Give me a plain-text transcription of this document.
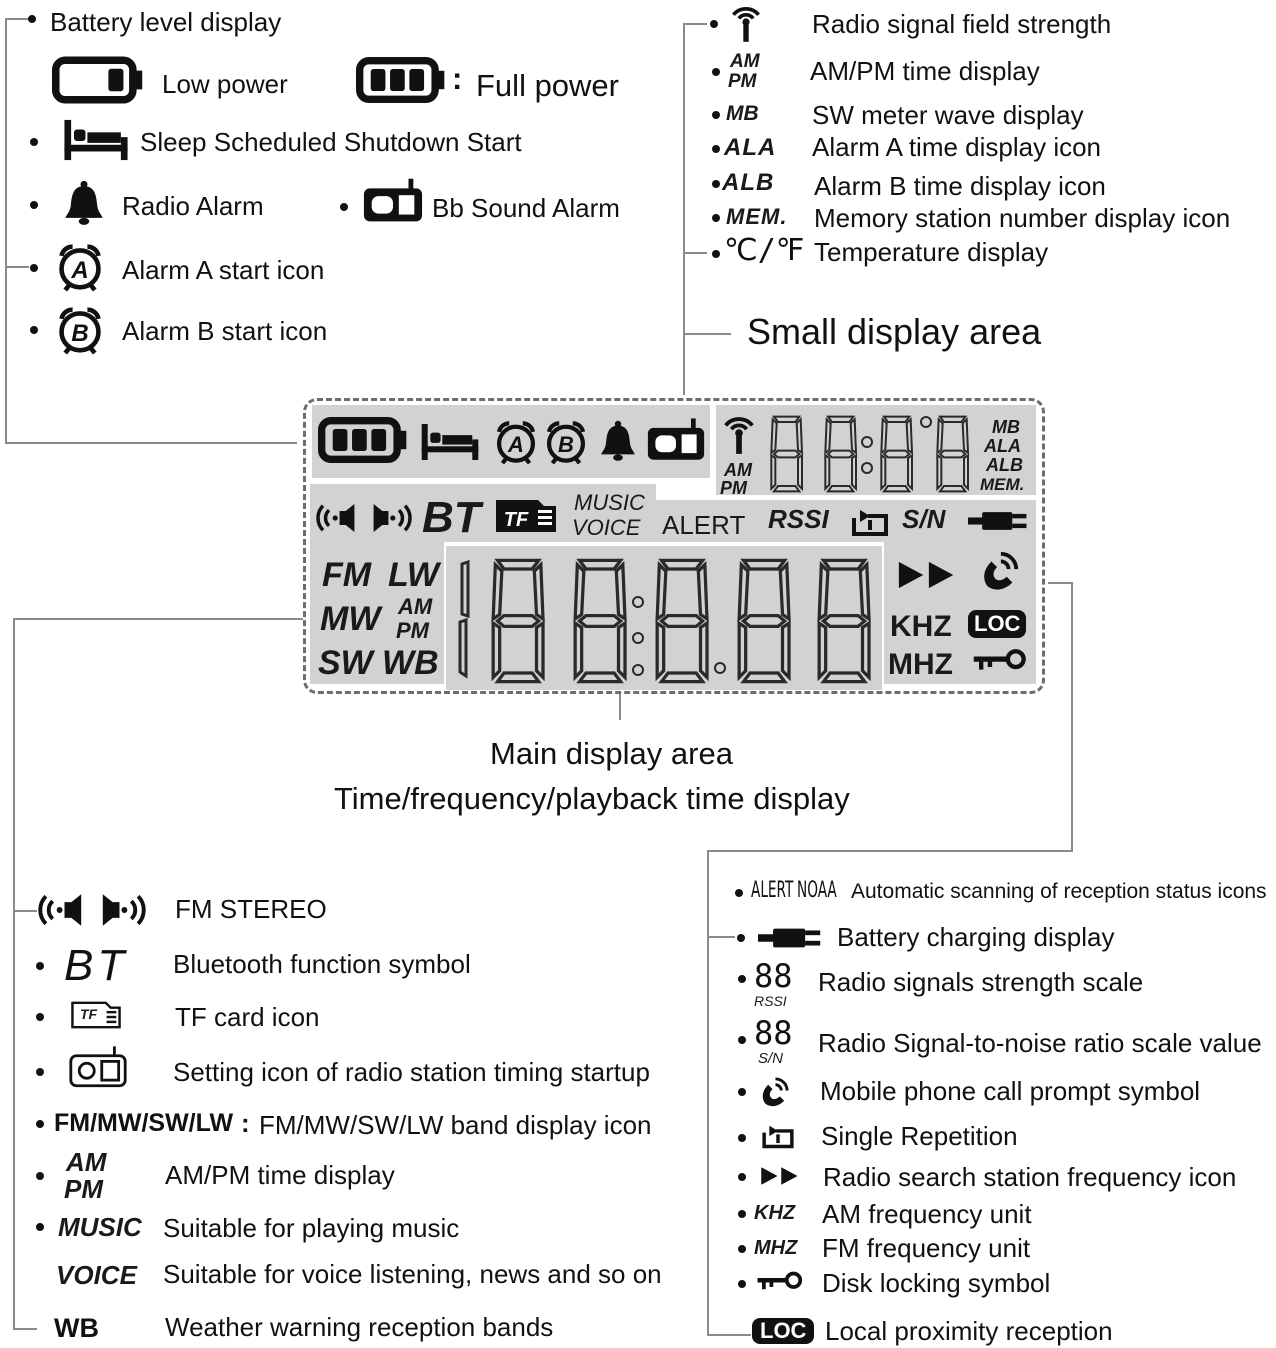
Battery level display
Low power	: Full power
Sleep Scheduled Shutdown Start
Radio Alarm	Bb Sound Alarm
Alarm A start icon
Alarm B start icon
Radio signal field strength
AM
PM AM/PM time display
MB SW meter wave display
ALA Alarm A time display icon
ALB Alarm B time display icon
MEM. Memory station number display icon
℃/℉ Temperature display
Small display area
AM
PM
MB
ALA
ALB
MEM.
BT	MUSIC
VOICE ALERT RSSI	S/N
FM LW
MW AM
PM
SW WB
KHZ LOC
MHZ
Main display area
Time/frequency/playback time display
FM STEREO
BT Bluetooth function symbol
TF	TF card icon
Setting icon of radio station timing startup
FM/MW/SW/LW : FM/MW/SW/LW band display icon
AM
PM AM/PM time display
MUSIC Suitable for playing music
VOICE Suitable for voice listening, news and so on
WB	Weather warning reception bands
ALERT NOAA Automatic scanning of reception status icons
Battery charging display
88
RSSI
Radio signals strength scale
88
S/N
Radio Signal-to-noise ratio scale value
Mobile phone call prompt symbol
Single Repetition
Radio search station frequency icon
KHZ AM frequency unit
MHZ FM frequency unit
Disk locking symbol
LOC Local proximity reception
